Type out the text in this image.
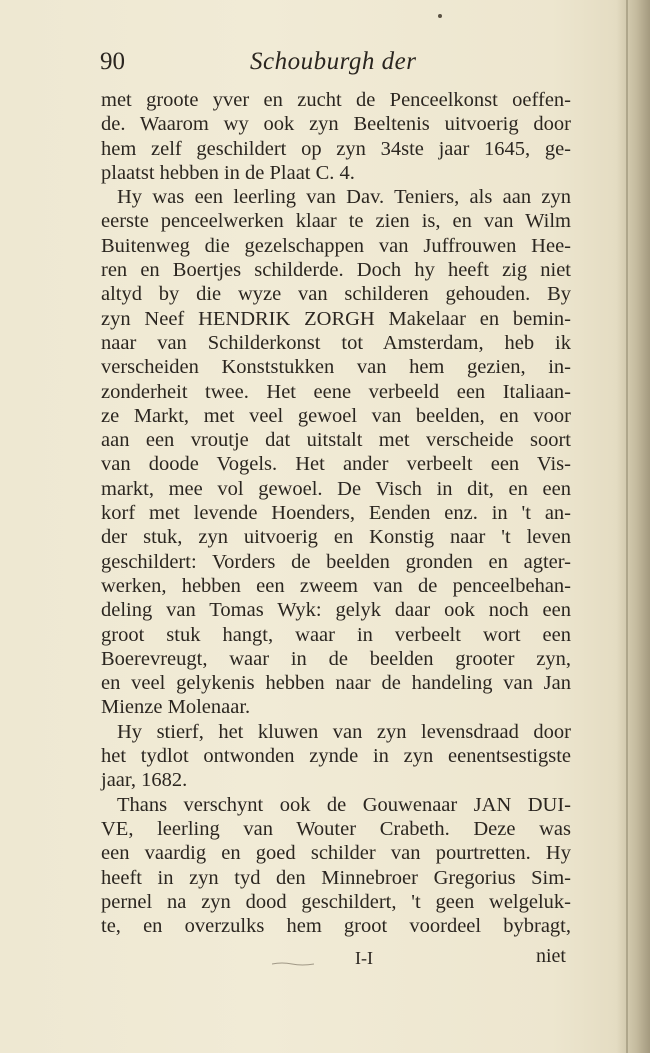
90	Schouburgh der
met groote yver en zucht de Penceelkonst oeffen-
de. Waarom wy ook zyn Beeltenis uitvoerig door
hem zelf geschildert op zyn 34ste jaar 1645, ge-
plaatst hebben in de Plaat C. 4.
Hy was een leerling van Dav. Teniers, als aan zyn
eerste penceelwerken klaar te zien is, en van Wilm
Buitenweg die gezelschappen van Juffrouwen Hee-
ren en Boertjes schilderde. Doch hy heeft zig niet
altyd by die wyze van schilderen gehouden. By
zyn Neef HENDRIK ZORGH Makelaar en bemin-
naar van Schilderkonst tot Amsterdam, heb ik
verscheiden Konststukken van hem gezien, in-
zonderheit twee. Het eene verbeeld een Italiaan-
ze Markt, met veel gewoel van beelden, en voor
aan een vroutje dat uitstalt met verscheide soort
van doode Vogels. Het ander verbeelt een Vis-
markt, mee vol gewoel. De Visch in dit, en een
korf met levende Hoenders, Eenden enz. in 't an-
der stuk, zyn uitvoerig en Konstig naar 't leven
geschildert: Vorders de beelden gronden en agter-
werken, hebben een zweem van de penceelbehan-
deling van Tomas Wyk: gelyk daar ook noch een
groot stuk hangt, waar in verbeelt wort een
Boerevreugt, waar in de beelden grooter zyn,
en veel gelykenis hebben naar de handeling van Jan
Mienze Molenaar.
Hy stierf, het kluwen van zyn levensdraad door
het tydlot ontwonden zynde in zyn eenentsestigste
jaar, 1682.
Thans verschynt ook de Gouwenaar JAN DUI-
VE, leerling van Wouter Crabeth. Deze was
een vaardig en goed schilder van pourtretten. Hy
heeft in zyn tyd den Minnebroer Gregorius Sim-
pernel na zyn dood geschildert, 't geen welgeluk-
te, en overzulks hem groot voordeel bybragt,
I-I	niet
